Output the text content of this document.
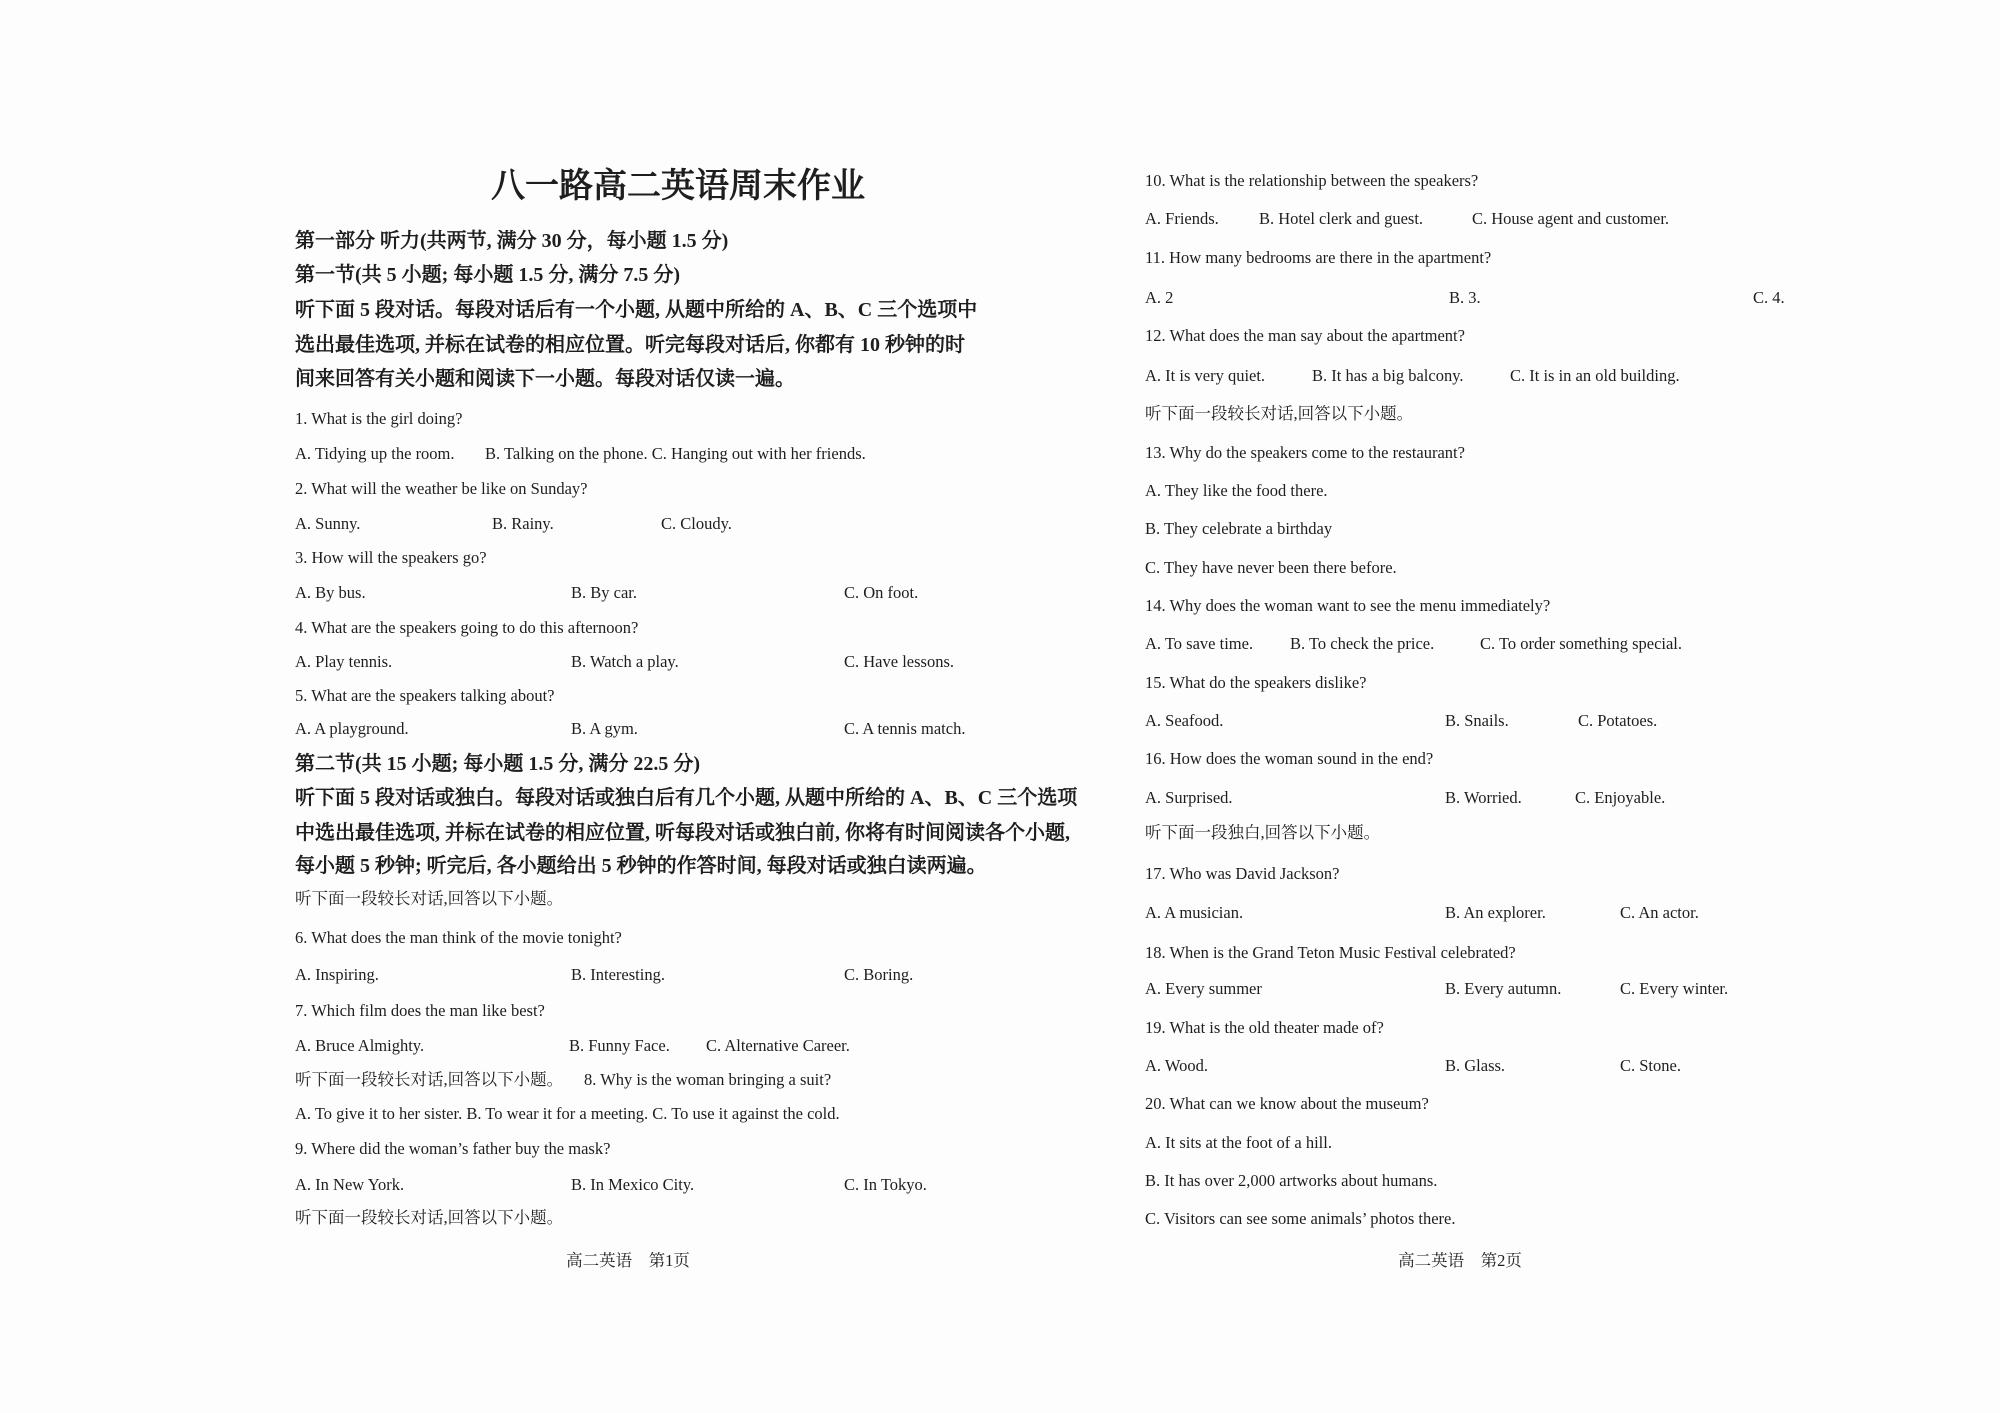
八一路高二英语周末作业
第一部分 听力(共两节, 满分 30 分，每小题 1.5 分)
第一节(共 5 小题; 每小题 1.5 分, 满分 7.5 分)
听下面 5 段对话。每段对话后有一个小题, 从题中所给的 A、B、C 三个选项中
选出最佳选项, 并标在试卷的相应位置。听完每段对话后, 你都有 10 秒钟的时
间来回答有关小题和阅读下一小题。每段对话仅读一遍。
1. What is the girl doing?
A. Tidying up the room. B. Talking on the phone. C. Hanging out with her friends.
2. What will the weather be like on Sunday?
A. Sunny.	B. Rainy.	C. Cloudy.
3. How will the speakers go?
A. By bus.	B. By car.	C. On foot.
4. What are the speakers going to do this afternoon?
A. Play tennis.	B. Watch a play.	C. Have lessons.
5. What are the speakers talking about?
A. A playground.	B. A gym.	C. A tennis match.
第二节(共 15 小题; 每小题 1.5 分, 满分 22.5 分)
听下面 5 段对话或独白。每段对话或独白后有几个小题, 从题中所给的 A、B、C 三个选项
中选出最佳选项, 并标在试卷的相应位置, 听每段对话或独白前, 你将有时间阅读各个小题,
每小题 5 秒钟; 听完后, 各小题给出 5 秒钟的作答时间, 每段对话或独白读两遍。
听下面一段较长对话,回答以下小题。
6. What does the man think of the movie tonight?
A. Inspiring.	B. Interesting.	C. Boring.
7. Which film does the man like best?
A. Bruce Almighty.	B. Funny Face. C. Alternative Career.
听下面一段较长对话,回答以下小题。 8. Why is the woman bringing a suit?
A. To give it to her sister. B. To wear it for a meeting. C. To use it against the cold.
9. Where did the woman’s father buy the mask?
A. In New York.	B. In Mexico City.	C. In Tokyo.
听下面一段较长对话,回答以下小题。
10. What is the relationship between the speakers?
A. Friends. B. Hotel clerk and guest.	C. House agent and customer.
11. How many bedrooms are there in the apartment?
A. 2	B. 3.	C. 4.
12. What does the man say about the apartment?
A. It is very quiet.	B. It has a big balcony.	C. It is in an old building.
听下面一段较长对话,回答以下小题。
13. Why do the speakers come to the restaurant?
A. They like the food there.
B. They celebrate a birthday
C. They have never been there before.
14. Why does the woman want to see the menu immediately?
A. To save time. B. To check the price.	C. To order something special.
15. What do the speakers dislike?
A. Seafood.	B. Snails.	C. Potatoes.
16. How does the woman sound in the end?
A. Surprised.	B. Worried.	C. Enjoyable.
听下面一段独白,回答以下小题。
17. Who was David Jackson?
A. A musician.	B. An explorer.	C. An actor.
18. When is the Grand Teton Music Festival celebrated?
A. Every summer	B. Every autumn.	C. Every winter.
19. What is the old theater made of?
A. Wood.	B. Glass.	C. Stone.
20. What can we know about the museum?
A. It sits at the foot of a hill.
B. It has over 2,000 artworks about humans.
C. Visitors can see some animals’ photos there.
高二英语　第1页	高二英语　第2页
